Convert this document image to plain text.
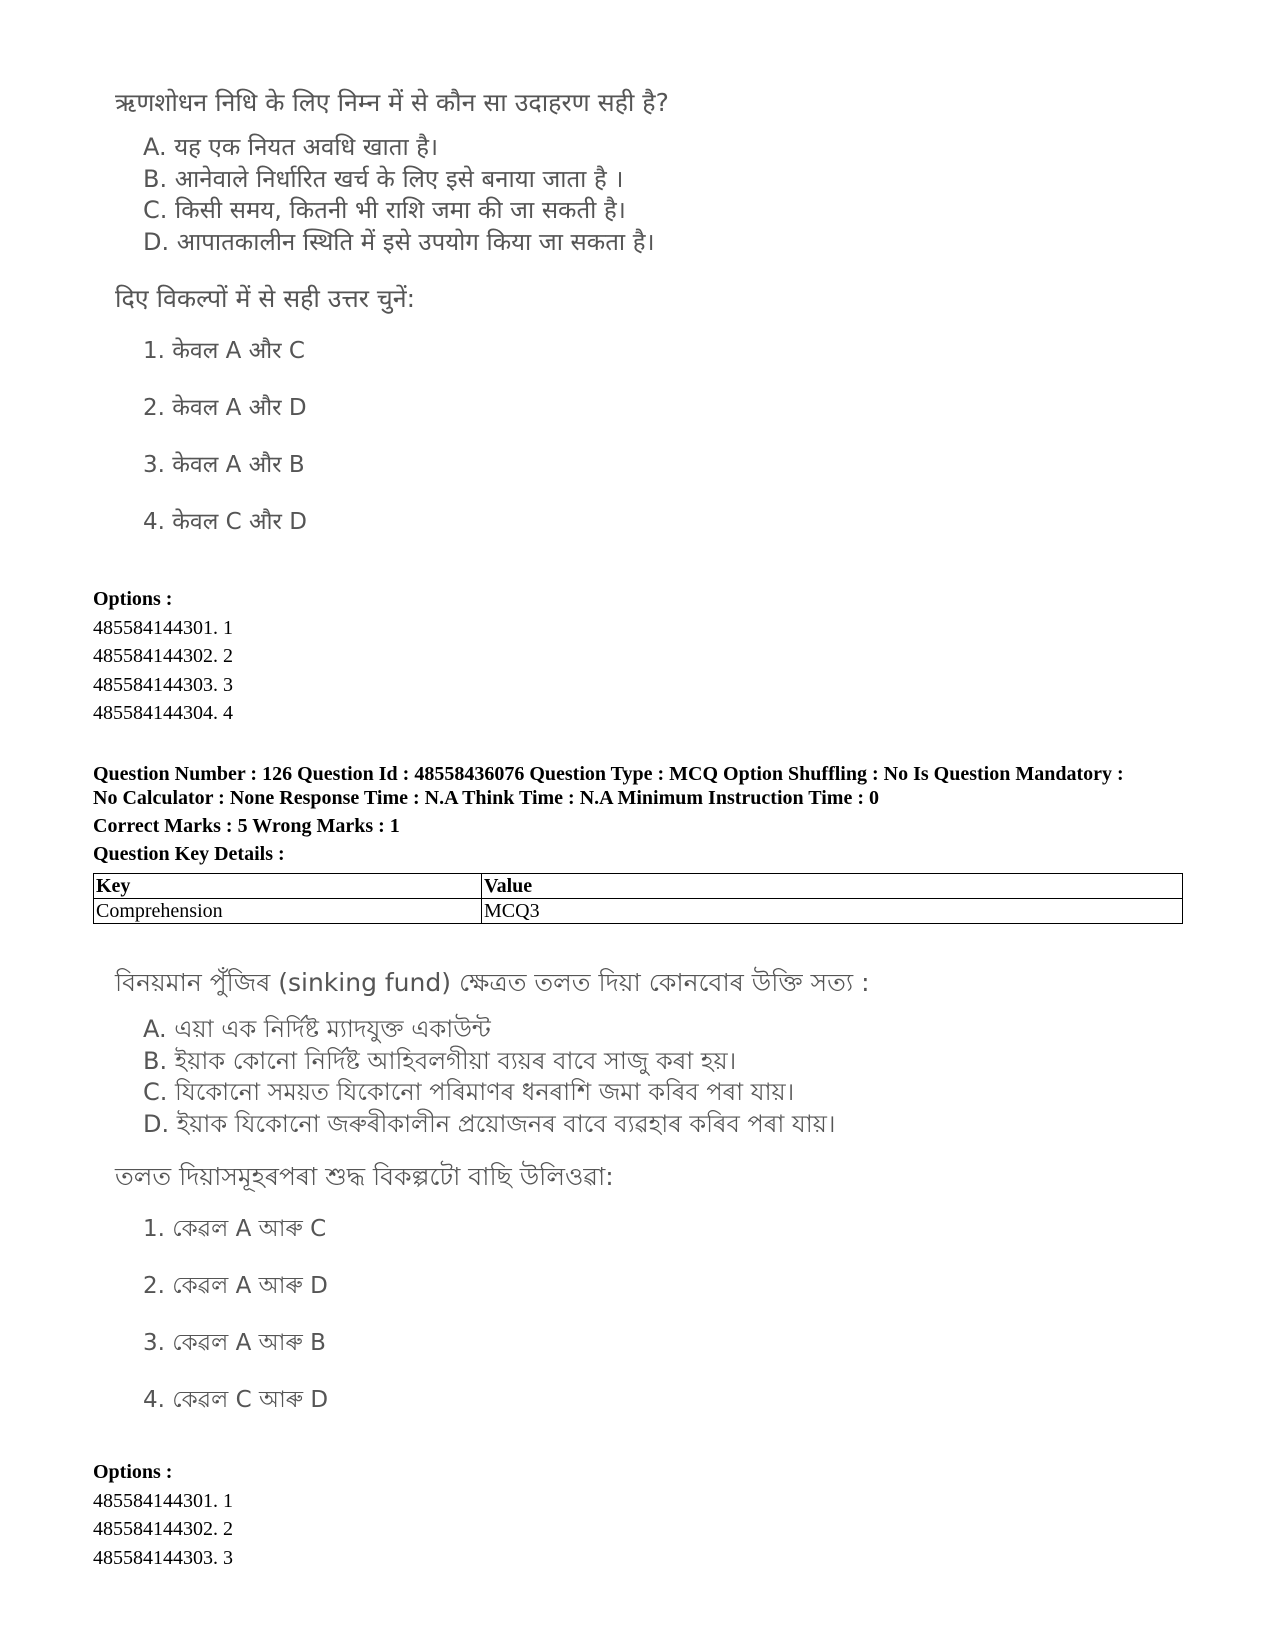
ऋणशोधन निधि के लिए निम्न में से कौन सा उदाहरण सही है?
A. यह एक नियत अवधि खाता है।
B. आनेवाले निर्धारित खर्च के लिए इसे बनाया जाता है ।
C. किसी समय, कितनी भी राशि जमा की जा सकती है।
D. आपातकालीन स्थिति में इसे उपयोग किया जा सकता है।
दिए विकल्पों में से सही उत्तर चुनें:
1. केवल A और C
2. केवल A और D
3. केवल A और B
4. केवल C और D
Options :
485584144301. 1
485584144302. 2
485584144303. 3
485584144304. 4
Question Number : 126 Question Id : 48558436076 Question Type : MCQ Option Shuffling : No Is Question Mandatory :
No Calculator : None Response Time : N.A Think Time : N.A Minimum Instruction Time : 0
Correct Marks : 5 Wrong Marks : 1
Question Key Details :
Key	Value
Comprehension	MCQ3
বিনয়মান পুঁজিৰ (sinking fund) ক্ষেত্ৰত তলত দিয়া কোনবোৰ উক্তি সত্য :
A. এয়া এক নিৰ্দিষ্ট ম্যাদযুক্ত একাউন্ট
B. ইয়াক কোনো নিৰ্দিষ্ট আহিবলগীয়া ব্যয়ৰ বাবে সাজু কৰা হয়।
C. যিকোনো সময়ত যিকোনো পৰিমাণৰ ধনৰাশি জমা কৰিব পৰা যায়।
D. ইয়াক যিকোনো জৰুৰীকালীন প্ৰয়োজনৰ বাবে ব্যৱহাৰ কৰিব পৰা যায়।
তলত দিয়াসমূহৰপৰা শুদ্ধ বিকল্পটো বাছি উলিওৱা:
1. কেৱল A আৰু C
2. কেৱল A আৰু D
3. কেৱল A আৰু B
4. কেৱল C আৰু D
Options :
485584144301. 1
485584144302. 2
485584144303. 3
